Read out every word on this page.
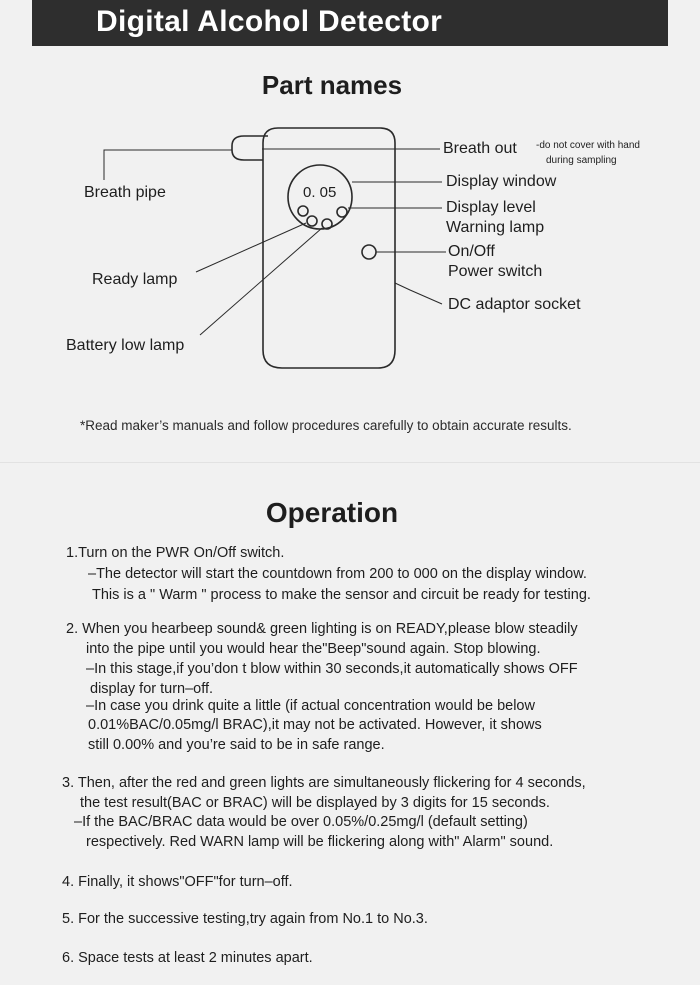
Digital Alcohol Detector
Part names
0. 05
Breath out -do not cover with hand
during sampling
Display window
Display level
Warning lamp
On/Off
Power switch
DC adaptor socket
Breath pipe
Ready lamp
Battery low lamp
*Read maker’s manuals and follow procedures carefully to obtain accurate results.
Operation
1.Turn on the PWR On/Off switch.
–The detector will start the countdown from 200 to 000 on the display window.
This is a " Warm " process to make the sensor and circuit be ready for testing.
2. When you hearbeep sound& green lighting is on READY,please blow steadily
into the pipe until you would hear the"Beep"sound again. Stop blowing.
–In this stage,if you’don t blow within 30 seconds,it automatically shows OFF
display for turn–off.
–In case you drink quite a little (if actual concentration would be below
0.01%BAC/0.05mg/l BRAC),it may not be activated. However, it shows
still 0.00% and you’re said to be in safe range.
3. Then, after the red and green lights are simultaneously flickering for 4 seconds,
the test result(BAC or BRAC) will be displayed by 3 digits for 15 seconds.
–If the BAC/BRAC data would be over 0.05%/0.25mg/l (default setting)
respectively. Red WARN lamp will be flickering along with" Alarm" sound.
4. Finally, it shows"OFF"for turn–off.
5. For the successive testing,try again from No.1 to No.3.
6. Space tests at least 2 minutes apart.
